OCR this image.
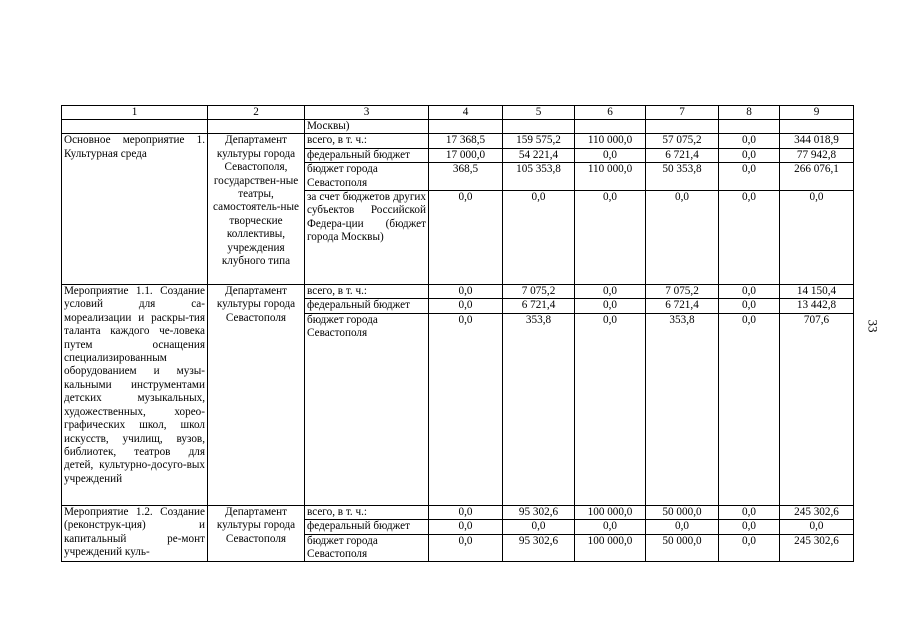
33
1	2	3	4	5	6	7	8	9
		Москвы)						
Основное мероприятие 1. Культурная среда	Департамент культуры города Севастополя, государствен-ные театры, самостоятель-ные творческие коллективы, учреждения клубного типа	всего, в т. ч.:	17 368,5	159 575,2	110 000,0	57 075,2	0,0	344 018,9
		федеральный бюджет	17 000,0	54 221,4	0,0	6 721,4	0,0	77 942,8
		бюджет города Севастополя	368,5	105 353,8	110 000,0	50 353,8	0,0	266 076,1
		за счет бюджетов других субъектов Российской Федера-ции (бюджет города Москвы)	0,0	0,0	0,0	0,0	0,0	0,0
Мероприятие 1.1. Создание условий для са-мореализации и раскры-тия таланта каждого че-ловека путем оснащения специализированным оборудованием и музы-кальными инструментами детских музыкальных, художественных, хорео-графических школ, школ искусств, училищ, вузов, библиотек, театров для детей, культурно-досуго-вых учреждений	Департамент культуры города Севастополя	всего, в т. ч.:	0,0	7 075,2	0,0	7 075,2	0,0	14 150,4
		федеральный бюджет	0,0	6 721,4	0,0	6 721,4	0,0	13 442,8
		бюджет города Севастополя	0,0	353,8	0,0	353,8	0,0	707,6
Мероприятие 1.2. Создание (реконструк-ция) и капитальный ре-монт учреждений куль-	Департамент культуры города Севастополя	всего, в т. ч.:	0,0	95 302,6	100 000,0	50 000,0	0,0	245 302,6
		федеральный бюджет	0,0	0,0	0,0	0,0	0,0	0,0
		бюджет города Севастополя	0,0	95 302,6	100 000,0	50 000,0	0,0	245 302,6
